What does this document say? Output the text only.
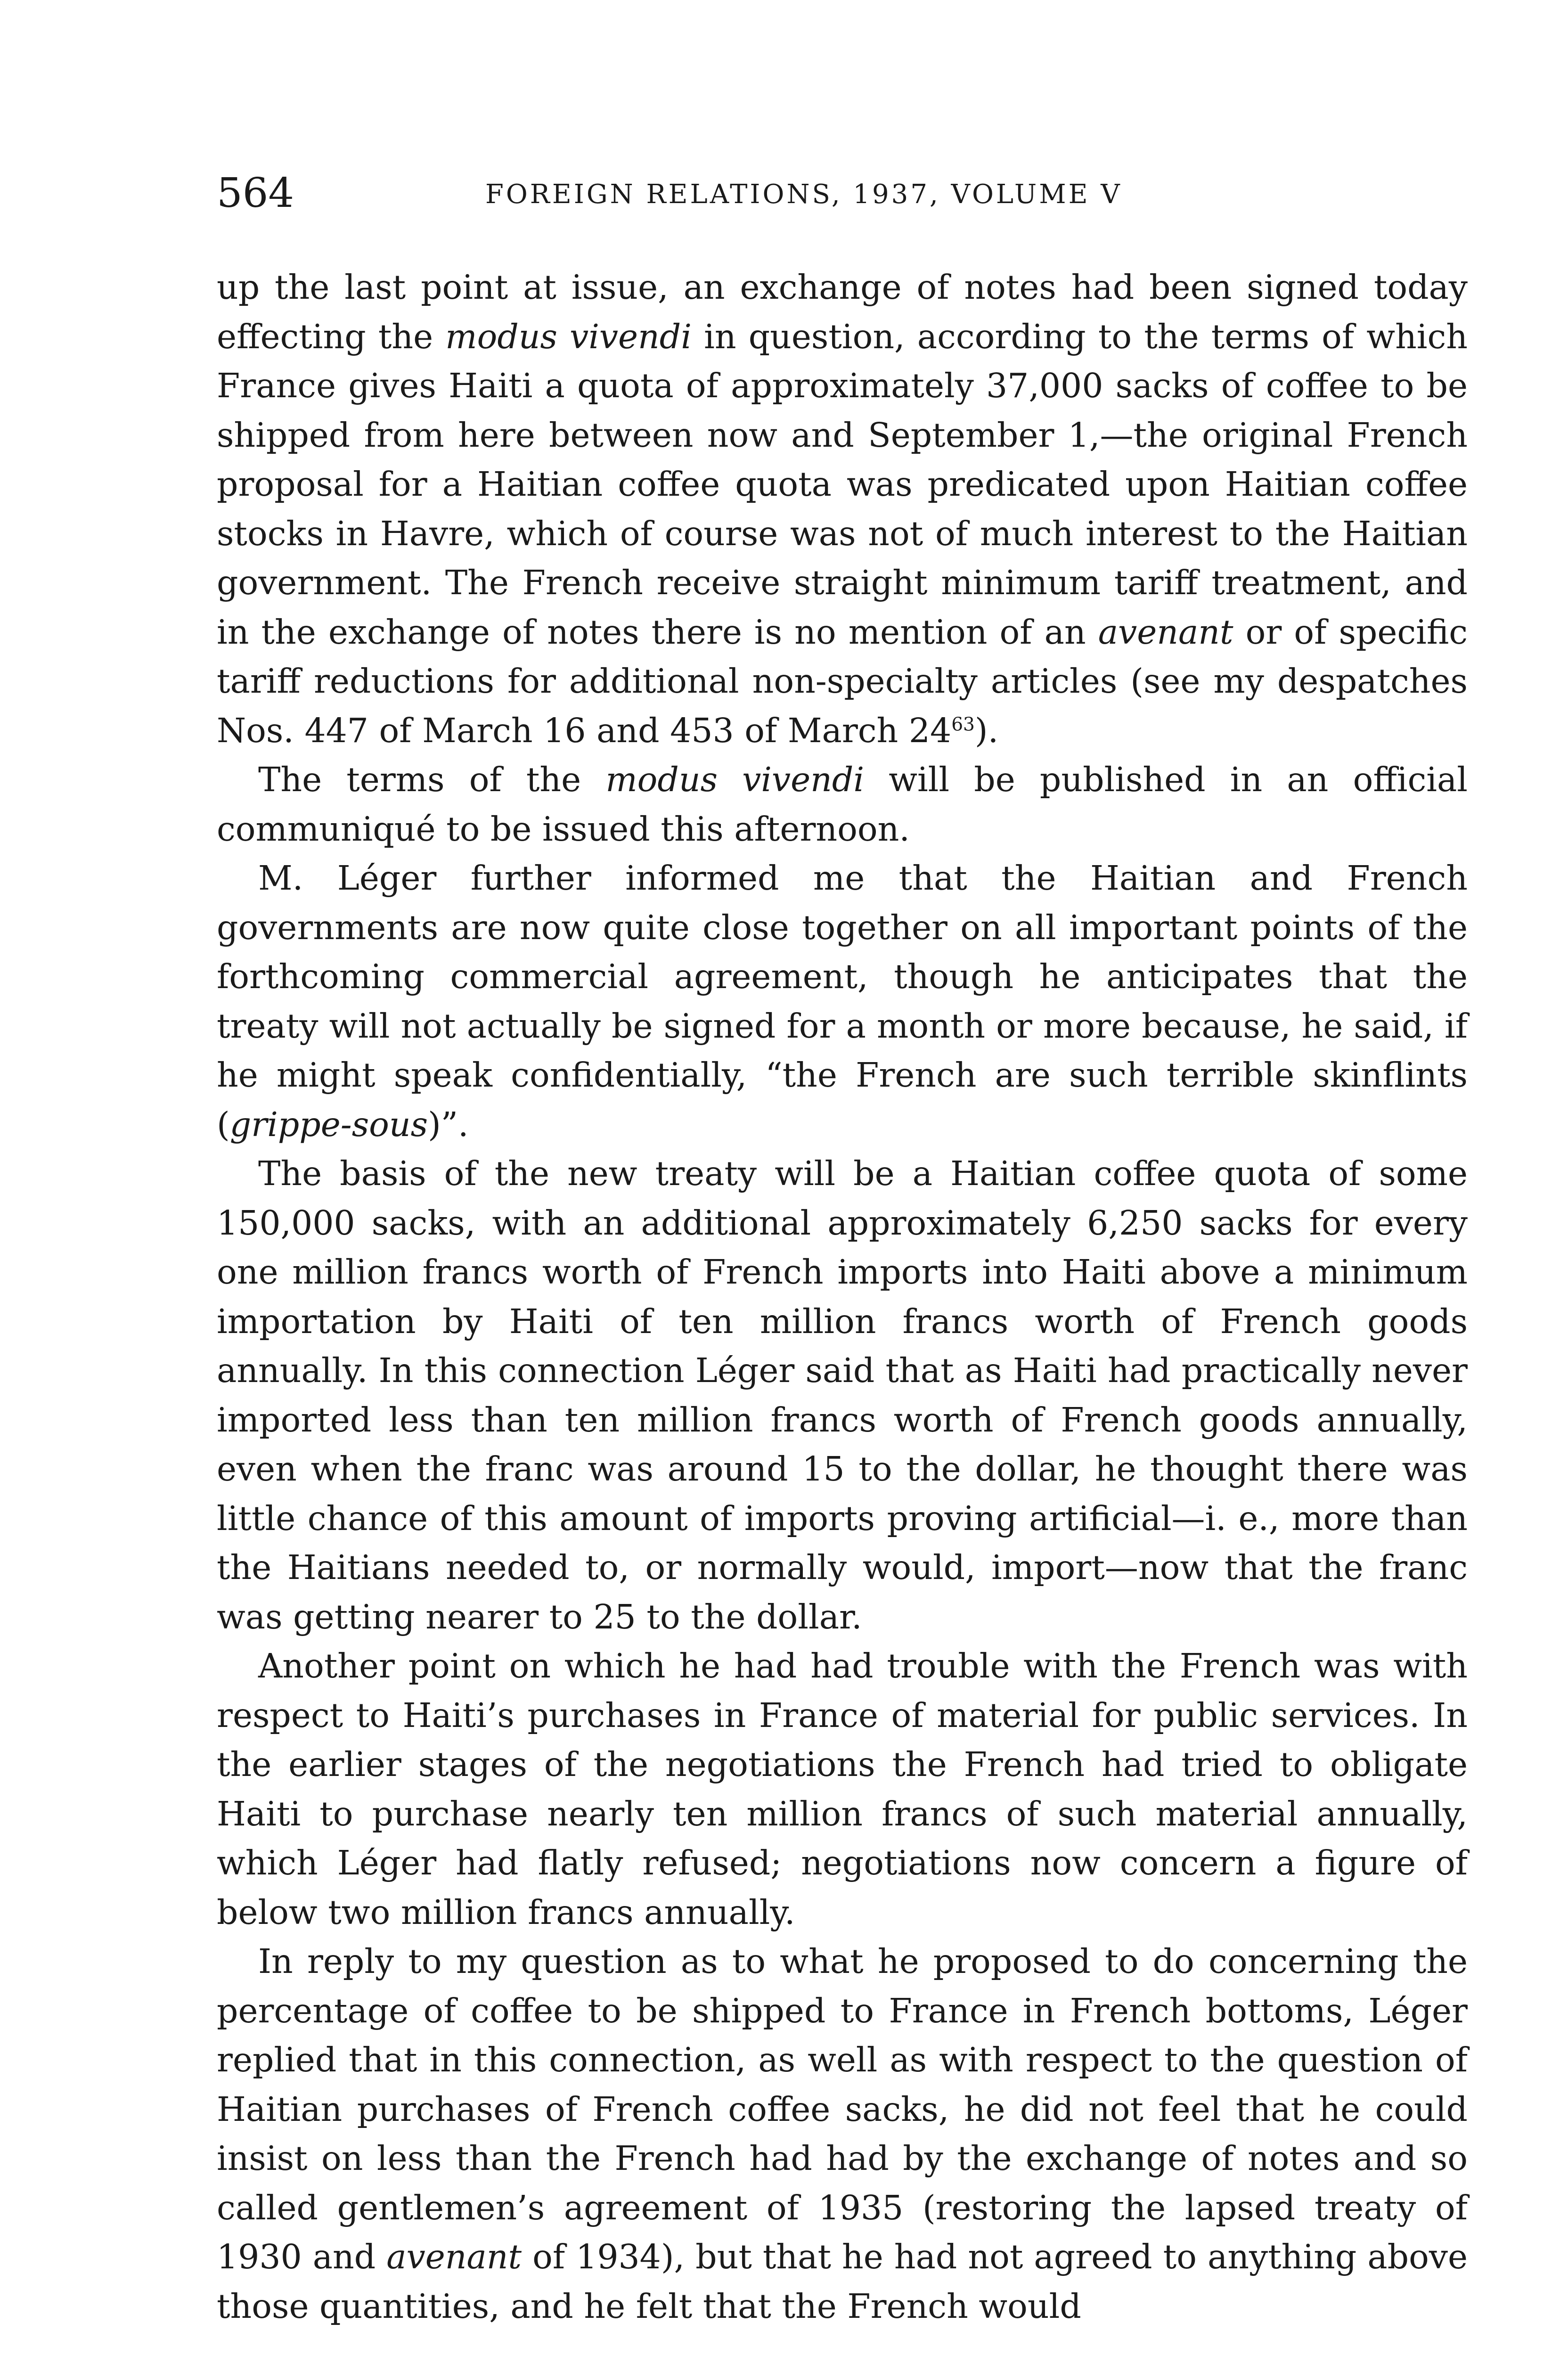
564	FOREIGN RELATIONS, 1937, VOLUME V

up the last point at issue, an exchange of notes had been signed today effecting the modus vivendi in question, according to the terms of which France gives Haiti a quota of approximately 37,000 sacks of coffee to be shipped from here between now and September 1,—the original French proposal for a Haitian coffee quota was predicated upon Haitian coffee stocks in Havre, which of course was not of much interest to the Haitian government. The French receive straight minimum tariff treatment, and in the exchange of notes there is no mention of an avenant or of specific tariff reductions for additional non-specialty articles (see my despatches Nos. 447 of March 16 and 453 of March $24^{63}$).

The terms of the modus vivendi will be published in an official communiqué to be issued this afternoon.

M. Léger further informed me that the Haitian and French governments are now quite close together on all important points of the forthcoming commercial agreement, though he anticipates that the treaty will not actually be signed for a month or more because, he said, if he might speak confidentially, “the French are such terrible skinflints (grippe-sous)”.

The basis of the new treaty will be a Haitian coffee quota of some 150,000 sacks, with an additional approximately 6,250 sacks for every one million francs worth of French imports into Haiti above a minimum importation by Haiti of ten million francs worth of French goods annually. In this connection Léger said that as Haiti had practically never imported less than ten million francs worth of French goods annually, even when the franc was around 15 to the dollar, he thought there was little chance of this amount of imports proving artificial—i. e., more than the Haitians needed to, or normally would, import—now that the franc was getting nearer to 25 to the dollar.

Another point on which he had had trouble with the French was with respect to Haiti’s purchases in France of material for public services. In the earlier stages of the negotiations the French had tried to obligate Haiti to purchase nearly ten million francs of such material annually, which Léger had flatly refused; negotiations now concern a figure of below two million francs annually.

In reply to my question as to what he proposed to do concerning the percentage of coffee to be shipped to France in French bottoms, Léger replied that in this connection, as well as with respect to the question of Haitian purchases of French coffee sacks, he did not feel that he could insist on less than the French had had by the exchange of notes and so called gentlemen’s agreement of 1935 (restoring the lapsed treaty of 1930 and avenant of 1934), but that he had not agreed to anything above those quantities, and he felt that the French would
